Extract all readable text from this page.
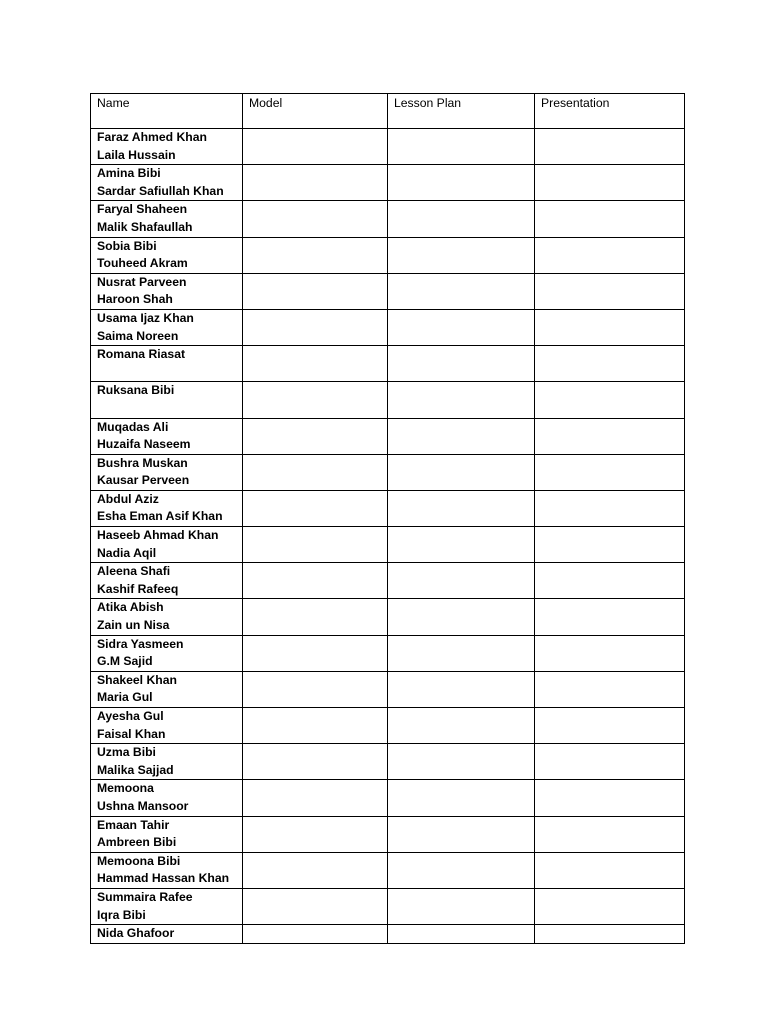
Name	Model	Lesson Plan	Presentation

Faraz Ahmed Khan
Laila Hussain			

Amina Bibi
Sardar Safiullah Khan			

Faryal Shaheen
Malik Shafaullah			

Sobia Bibi
Touheed Akram			

Nusrat Parveen
Haroon Shah			

Usama Ijaz Khan
Saima Noreen			

Romana Riasat			

Ruksana Bibi			

Muqadas Ali
Huzaifa Naseem			

Bushra Muskan
Kausar Perveen			

Abdul Aziz
Esha Eman Asif Khan			

Haseeb Ahmad Khan
Nadia Aqil			

Aleena Shafi
Kashif Rafeeq			

Atika Abish
Zain un Nisa			

Sidra Yasmeen
G.M Sajid			

Shakeel Khan
Maria Gul			

Ayesha Gul
Faisal Khan			

Uzma Bibi
Malika Sajjad			

Memoona
Ushna Mansoor			

Emaan Tahir
Ambreen Bibi			

Memoona Bibi
Hammad Hassan Khan			

Summaira Rafee
Iqra Bibi			

Nida Ghafoor			
